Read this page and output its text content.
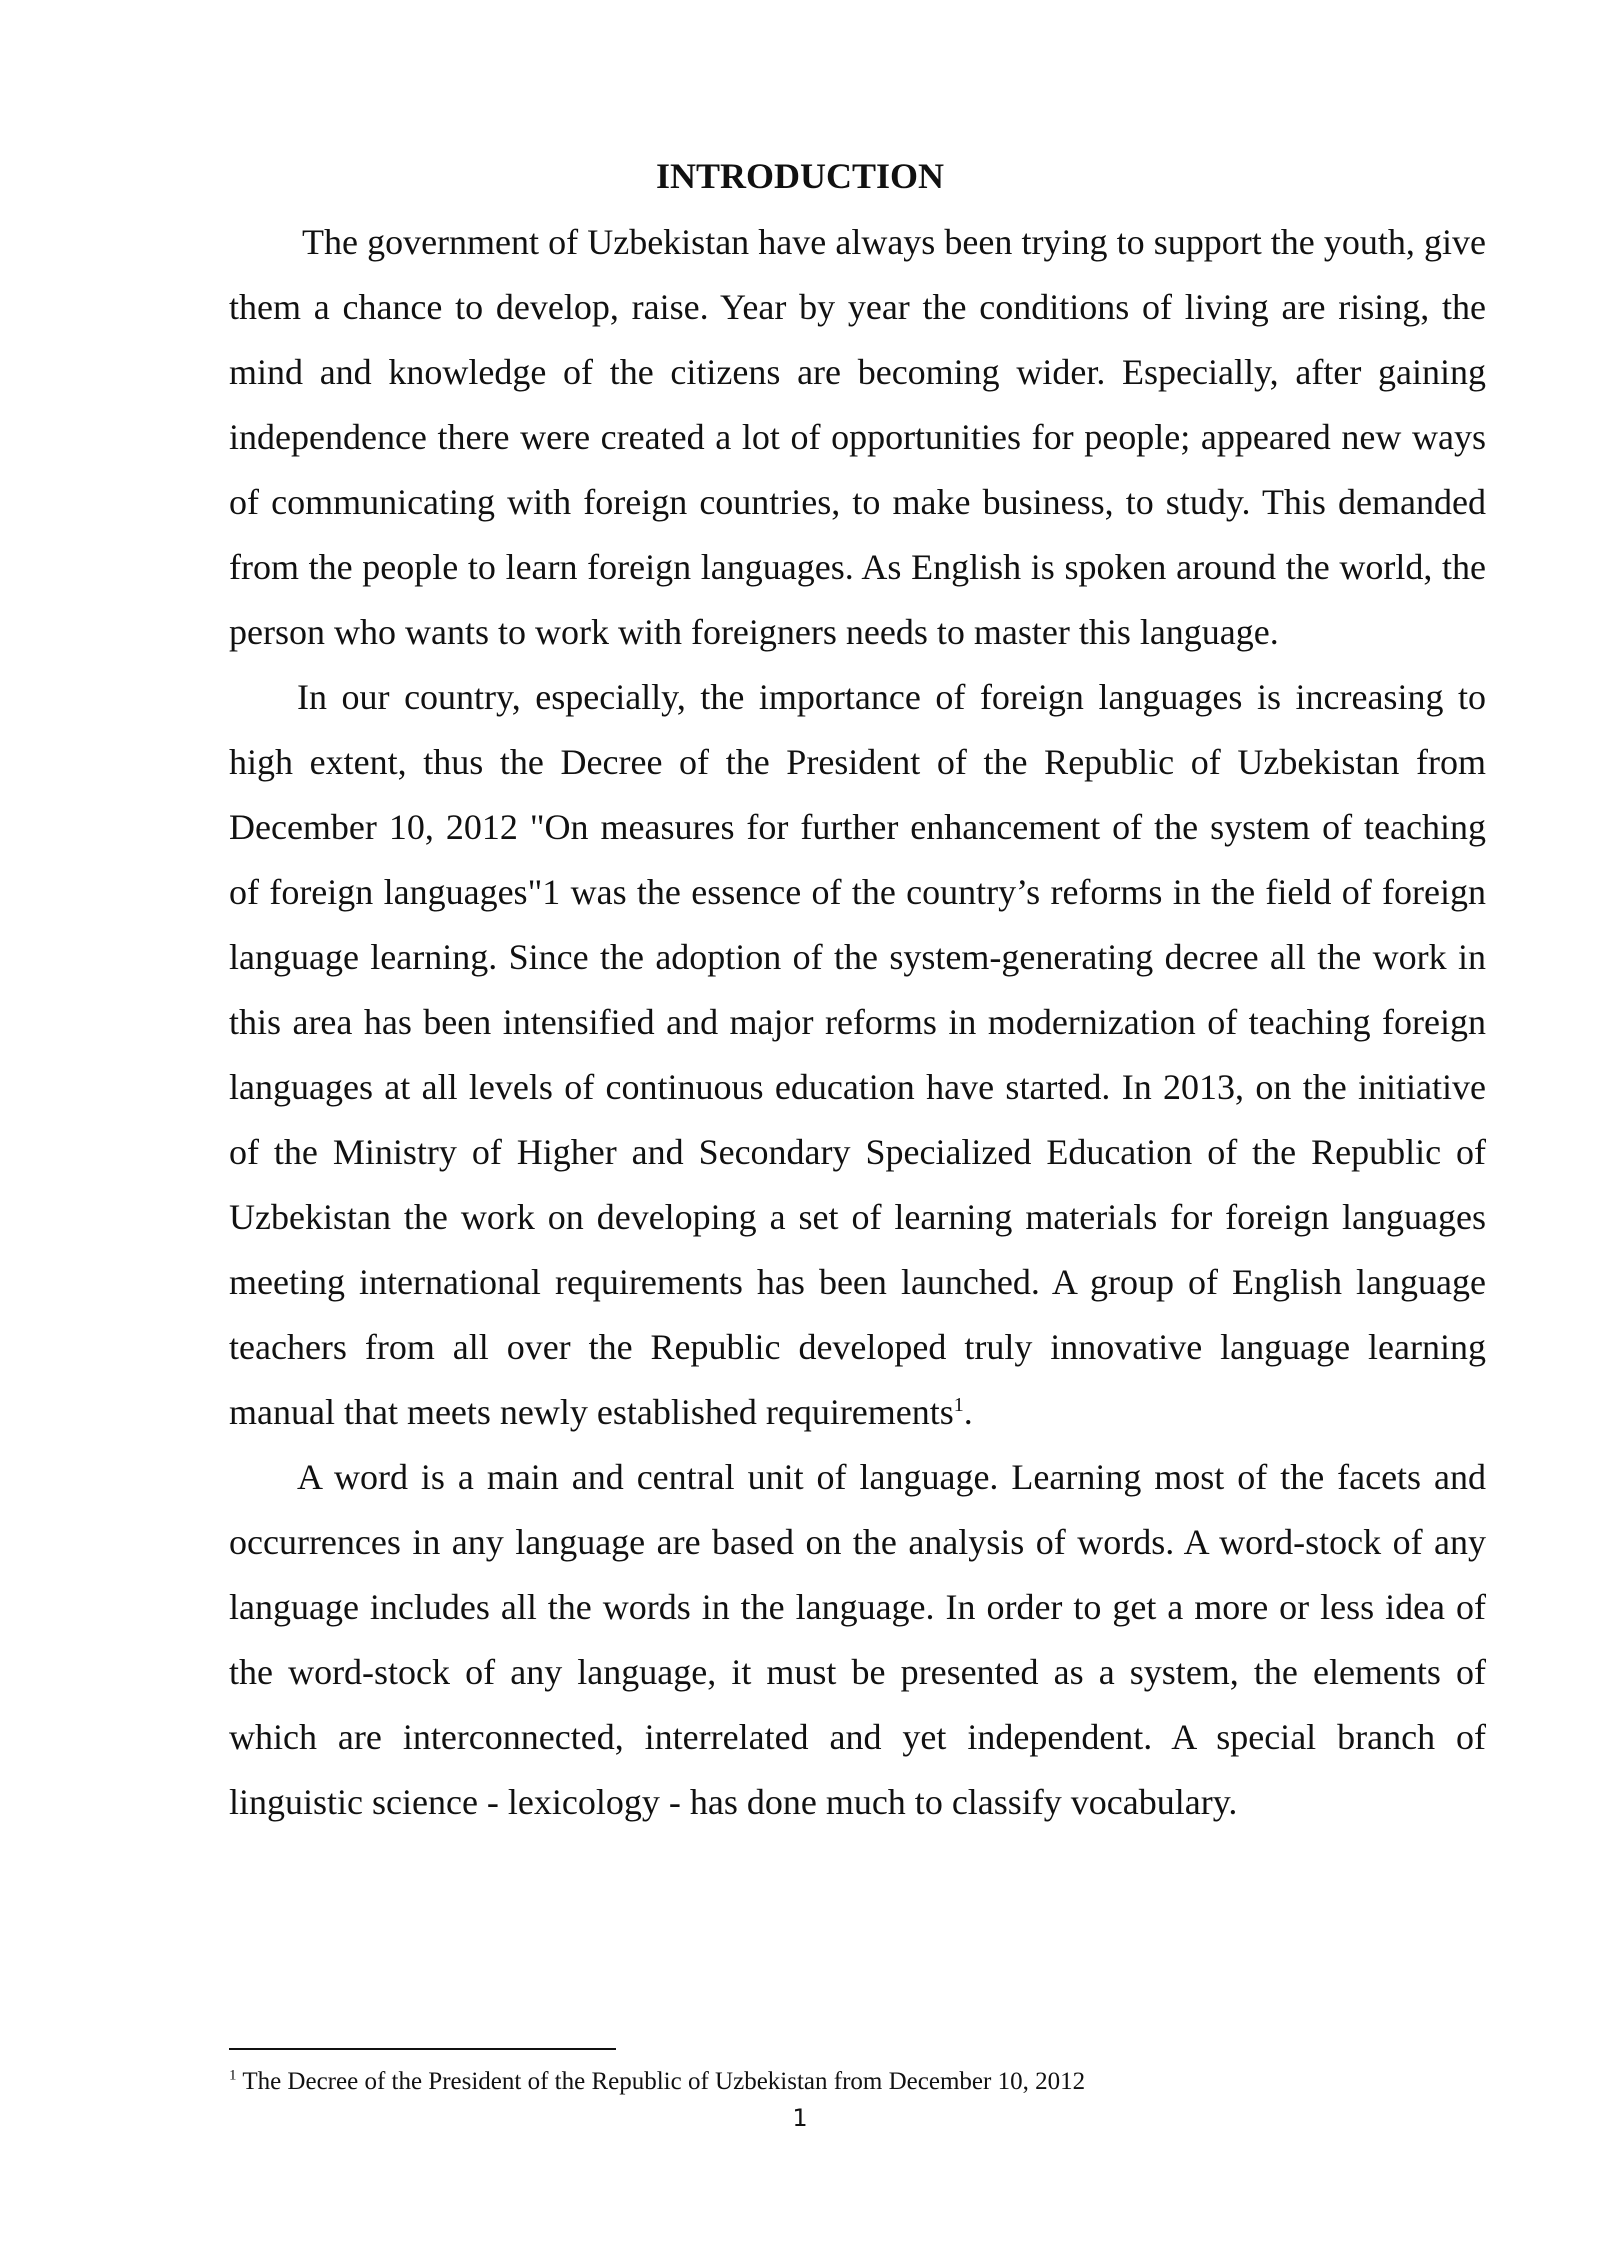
INTRODUCTION

The government of Uzbekistan have always been trying to support the youth, give them a chance to develop, raise. Year by year the conditions of living are rising, the mind and knowledge of the citizens are becoming wider. Especially, after gaining independence there were created a lot of opportunities for people; appeared new ways of communicating with foreign countries, to make business, to study. This demanded from the people to learn foreign languages. As English is spoken around the world, the person who wants to work with foreigners needs to master this language.

In our country, especially, the importance of foreign languages is increasing to high extent, thus the Decree of the President of the Republic of Uzbekistan from December 10, 2012 "On measures for further enhancement of the system of teaching of foreign languages"1 was the essence of the country’s reforms in the field of foreign language learning. Since the adoption of the system-generating decree all the work in this area has been intensified and major reforms in modernization of teaching foreign languages at all levels of continuous education have started. In 2013, on the initiative of the Ministry of Higher and Secondary Specialized Education of the Republic of Uzbekistan the work on developing a set of learning materials for foreign languages meeting international requirements has been launched. A group of English language teachers from all over the Republic developed truly innovative language learning manual that meets newly established requirements$^1$.

A word is a main and central unit of language. Learning most of the facets and occurrences in any language are based on the analysis of words. A word-stock of any language includes all the words in the language. In order to get a more or less idea of the word-stock of any language, it must be presented as a system, the elements of which are interconnected, interrelated and yet independent. A special branch of linguistic science - lexicology - has done much to classify vocabulary.

$^1$ The Decree of the President of the Republic of Uzbekistan from December 10, 2012
1
